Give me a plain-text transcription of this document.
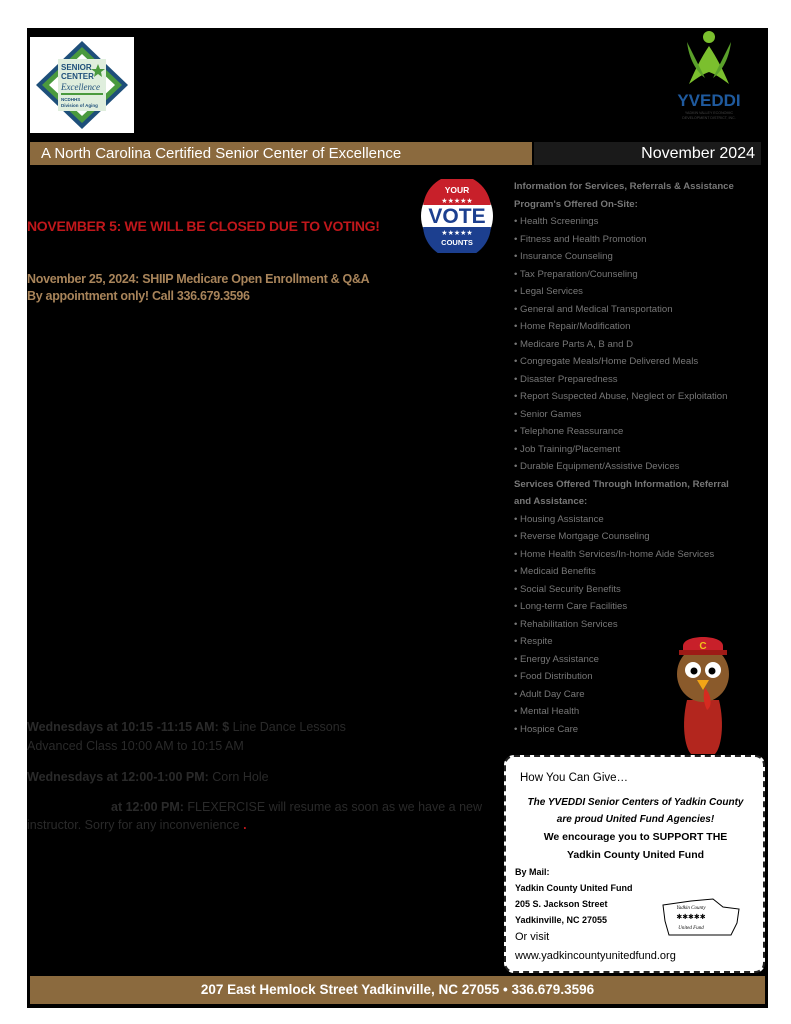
SENIOR
CENTER
Excellence
NCDHHS
Division of Aging	YVEDDI
YADKIN VALLEY ECONOMIC
DEVELOPMENT DISTRICT, INC.
A North Carolina Certified Senior Center of Excellence	November 2024
NOVEMBER 5: WE WILL BE CLOSED DUE TO VOTING!
YOUR
★★★★★
VOTE
★★★★★
COUNTS
November 25, 2024: SHIIP Medicare Open Enrollment & Q&A
By appointment only! Call 336.679.3596
Wednesdays at 10:15 -11:15 AM: $ Line Dance Lessons
Advanced Class 10:00 AM to 10:15 AM
Wednesdays at 12:00-1:00 PM: Corn Hole
at 12:00 PM: FLEXERCISE will resume as soon as we have a new
instructor. Sorry for any inconvenience .
Information for Services, Referrals & Assistance
Program's Offered On-Site:
• Health Screenings
• Fitness and Health Promotion
• Insurance Counseling
• Tax Preparation/Counseling
• Legal Services
• General and Medical Transportation
• Home Repair/Modification
• Medicare Parts A, B and D
• Congregate Meals/Home Delivered Meals
• Disaster Preparedness
• Report Suspected Abuse, Neglect or Exploitation
• Senior Games
• Telephone Reassurance
• Job Training/Placement
• Durable Equipment/Assistive Devices
Services Offered Through Information, Referral
and Assistance:
• Housing Assistance
• Reverse Mortgage Counseling
• Home Health Services/In-home Aide Services
• Medicaid Benefits
• Social Security Benefits
• Long-term Care Facilities
• Rehabilitation Services
• Respite
• Energy Assistance
• Food Distribution
• Adult Day Care
• Mental Health
• Hospice Care
C
How You Can Give…
The YVEDDI Senior Centers of Yadkin County
are proud United Fund Agencies!
We encourage you to SUPPORT THE
Yadkin County United Fund
By Mail:
Yadkin County United Fund
205 S. Jackson Street
Yadkinville, NC 27055
Or visit
www.yadkincountyunitedfund.org
Yadkin County
✱✱✱✱✱
United Fund
207 East Hemlock Street Yadkinville, NC 27055 • 336.679.3596
